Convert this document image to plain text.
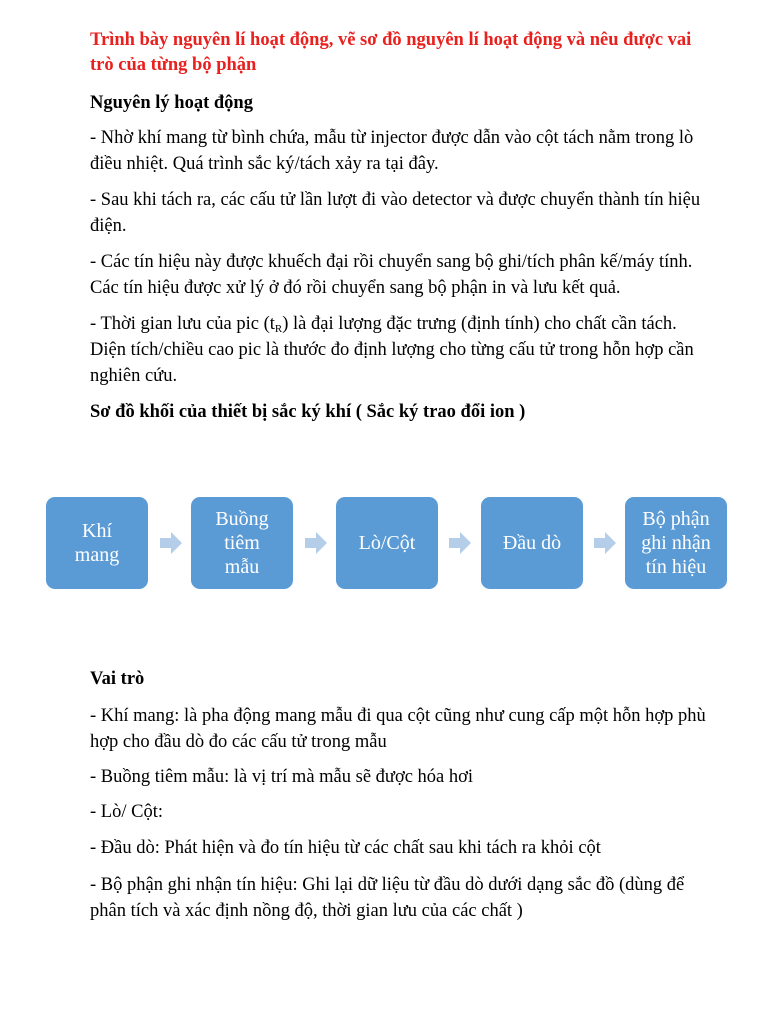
Trình bày nguyên lí hoạt động, vẽ sơ đồ nguyên lí hoạt động và nêu được vai trò của từng bộ phận

Nguyên lý hoạt động

- Nhờ khí mang từ bình chứa, mẫu từ injector được dẫn vào cột tách nằm trong lò điều nhiệt. Quá trình sắc ký/tách xảy ra tại đây.

- Sau khi tách ra, các cấu tử lần lượt đi vào detector và được chuyển thành tín hiệu điện.

- Các tín hiệu này được khuếch đại rồi chuyển sang bộ ghi/tích phân kế/máy tính. Các tín hiệu được xử lý ở đó rồi chuyển sang bộ phận in và lưu kết quả.

- Thời gian lưu của pic $(t_R)$ là đại lượng đặc trưng (định tính) cho chất cần tách. Diện tích/chiều cao pic là thước đo định lượng cho từng cấu tử trong hỗn hợp cần nghiên cứu.

Sơ đồ khối của thiết bị sắc ký khí ( Sắc ký trao đổi ion )

Khí
mang
Buồng
tiêm
mẫu
Lò/Cột	Đầu dò
Bộ phận
ghi nhận
tín hiệu

Vai trò

- Khí mang: là pha động mang mẫu đi qua cột cũng như cung cấp một hỗn hợp phù hợp cho đầu dò đo các cấu tử trong mẫu

- Buồng tiêm mẫu: là vị trí mà mẫu sẽ được hóa hơi

- Lò/ Cột:

- Đầu dò: Phát hiện và đo tín hiệu từ các chất sau khi tách ra khỏi cột

- Bộ phận ghi nhận tín hiệu: Ghi lại dữ liệu từ đầu dò dưới dạng sắc đồ (dùng để phân tích và xác định nồng độ, thời gian lưu của các chất )
